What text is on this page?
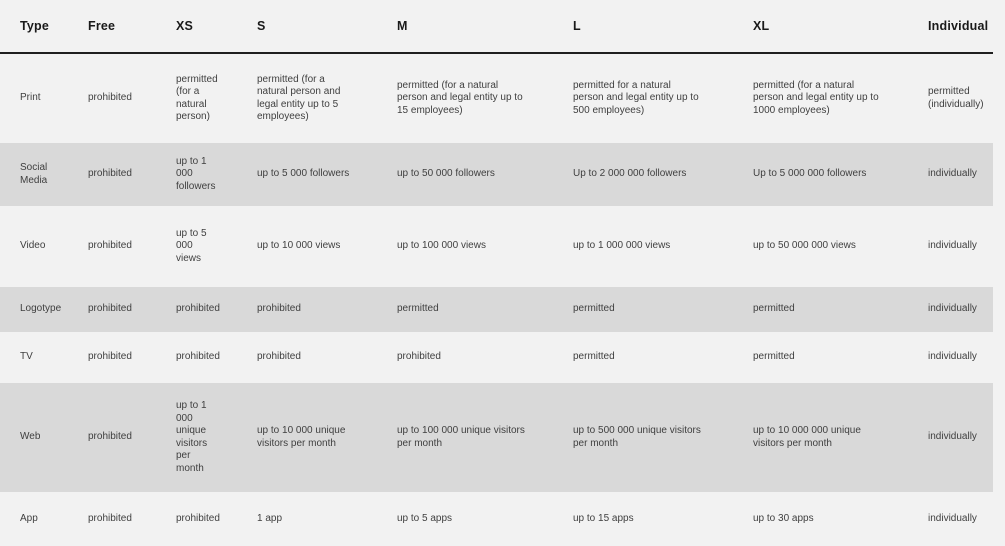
Type	Free	XS	S	M	L	XL	Individual
Print	prohibited	permitted (for a natural person)	permitted (for a natural person and legal entity up to 5 employees)	permitted (for a natural person and legal entity up to 15 employees)	permitted for a natural person and legal entity up to 500 employees)	permitted (for a natural person and legal entity up to 1000 employees)	permitted (individually)
Social Media	prohibited	up to 1 000 followers	up to 5 000 followers	up to 50 000 followers	Up to 2 000 000 followers	Up to 5 000 000 followers	individually
Video	prohibited	up to 5 000 views	up to 10 000 views	up to 100 000 views	up to 1 000 000 views	up to 50 000 000 views	individually
Logotype	prohibited	prohibited	prohibited	permitted	permitted	permitted	individually
TV	prohibited	prohibited	prohibited	prohibited	permitted	permitted	individually
Web	prohibited	up to 1 000 unique visitors per month	up to 10 000 unique visitors per month	up to 100 000 unique visitors per month	up to 500 000 unique visitors per month	up to 10 000 000 unique visitors per month	individually
App	prohibited	prohibited	1 app	up to 5 apps	up to 15 apps	up to 30 apps	individually
